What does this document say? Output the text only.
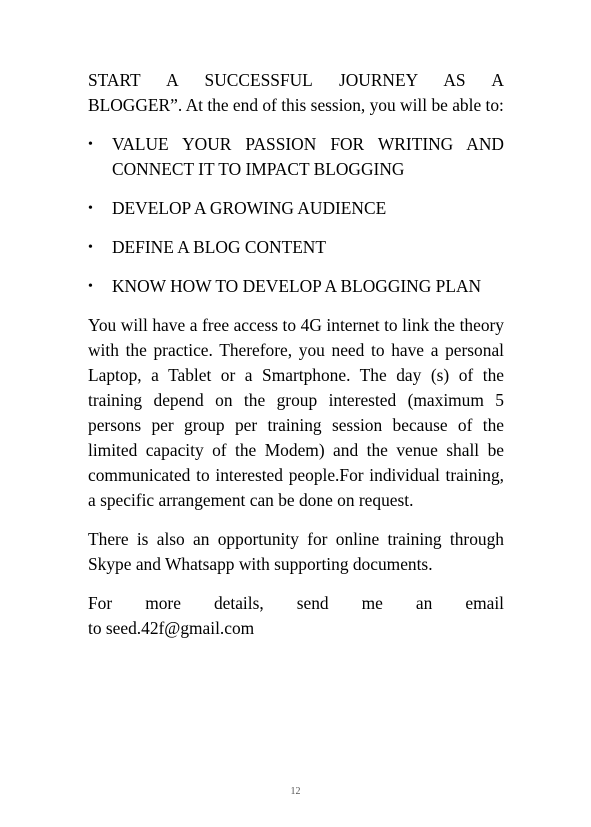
START A SUCCESSFUL JOURNEY AS A
BLOGGER”. At the end of this session, you will be able to:

• VALUE YOUR PASSION FOR WRITING AND CONNECT IT TO IMPACT BLOGGING
• DEVELOP A GROWING AUDIENCE
• DEFINE A BLOG CONTENT
• KNOW HOW TO DEVELOP A BLOGGING PLAN

You will have a free access to 4G internet to link the theory with the practice. Therefore, you need to have a personal Laptop, a Tablet or a Smartphone. The day (s) of the training depend on the group interested (maximum 5 persons per group per training session because of the limited capacity of the Modem) and the venue shall be communicated to interested people.For individual training, a specific arrangement can be done on request.

There is also an opportunity for online training through Skype and Whatsapp with supporting documents.

For more details, send me an email
to seed.42f@gmail.com

12
